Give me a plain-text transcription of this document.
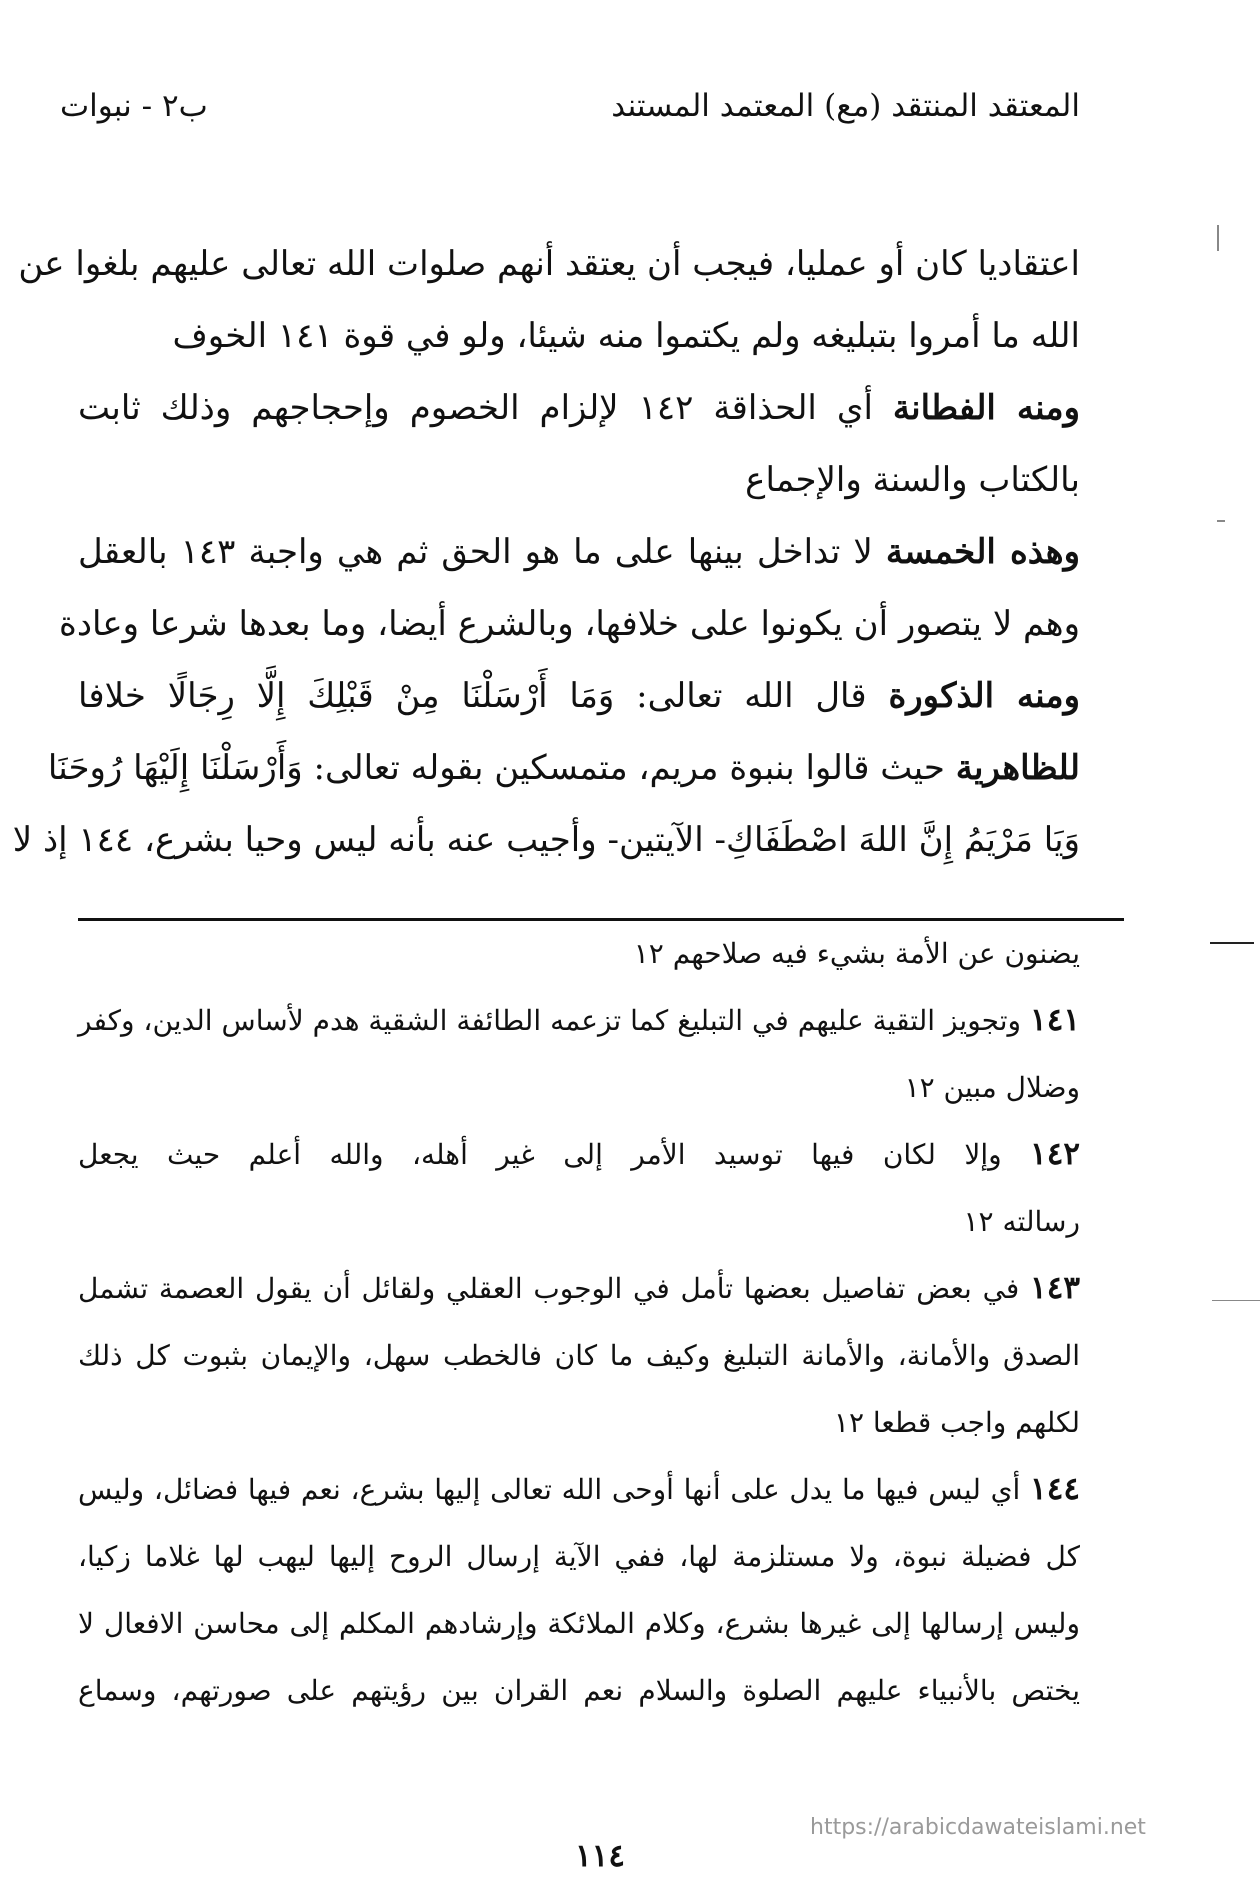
المعتقد المنتقد (مع) المعتمد المستند
ب٢ - نبوات
اعتقاديا كان أو عمليا، فيجب أن يعتقد أنهم صلوات الله تعالى عليهم بلغوا عن
الله ما أمروا بتبليغه ولم يكتموا منه شيئا، ولو في قوة ١٤١ الخوف
ومنه الفطانة أي الحذاقة ١٤٢ لإلزام الخصوم وإحجاجهم وذلك ثابت
بالكتاب والسنة والإجماع
وهذه الخمسة لا تداخل بينها على ما هو الحق ثم هي واجبة ١٤٣ بالعقل
وهم لا يتصور أن يكونوا على خلافها، وبالشرع أيضا، وما بعدها شرعا وعادة
ومنه الذكورة قال الله تعالى: وَمَا أَرْسَلْنَا مِنْ قَبْلِكَ إِلَّا رِجَالًا خلافا
للظاهرية حيث قالوا بنبوة مريم، متمسكين بقوله تعالى: وَأَرْسَلْنَا إِلَيْهَا رُوحَنَا
وَيَا مَرْيَمُ إِنَّ اللهَ اصْطَفَاكِ- الآيتين- وأجيب عنه بأنه ليس وحيا بشرع، ١٤٤ إذ لا
يضنون عن الأمة بشيء فيه صلاحهم ١٢
١٤١ وتجويز التقية عليهم في التبليغ كما تزعمه الطائفة الشقية هدم لأساس الدين، وكفر
وضلال مبين ١٢
١٤٢ وإلا لكان فيها توسيد الأمر إلى غير أهله، والله أعلم حيث يجعل
رسالته ١٢
١٤٣ في بعض تفاصيل بعضها تأمل في الوجوب العقلي ولقائل أن يقول العصمة تشمل
الصدق والأمانة، والأمانة التبليغ وكيف ما كان فالخطب سهل، والإيمان بثبوت كل ذلك
لكلهم واجب قطعا ١٢
١٤٤ أي ليس فيها ما يدل على أنها أوحى الله تعالى إليها بشرع، نعم فيها فضائل، وليس
كل فضيلة نبوة، ولا مستلزمة لها، ففي الآية إرسال الروح إليها ليهب لها غلاما زكيا،
وليس إرسالها إلى غيرها بشرع، وكلام الملائكة وإرشادهم المكلم إلى محاسن الافعال لا
يختص بالأنبياء عليهم الصلوة والسلام نعم القران بين رؤيتهم على صورتهم، وسماع
https://arabicdawateislami.net
١١٤
